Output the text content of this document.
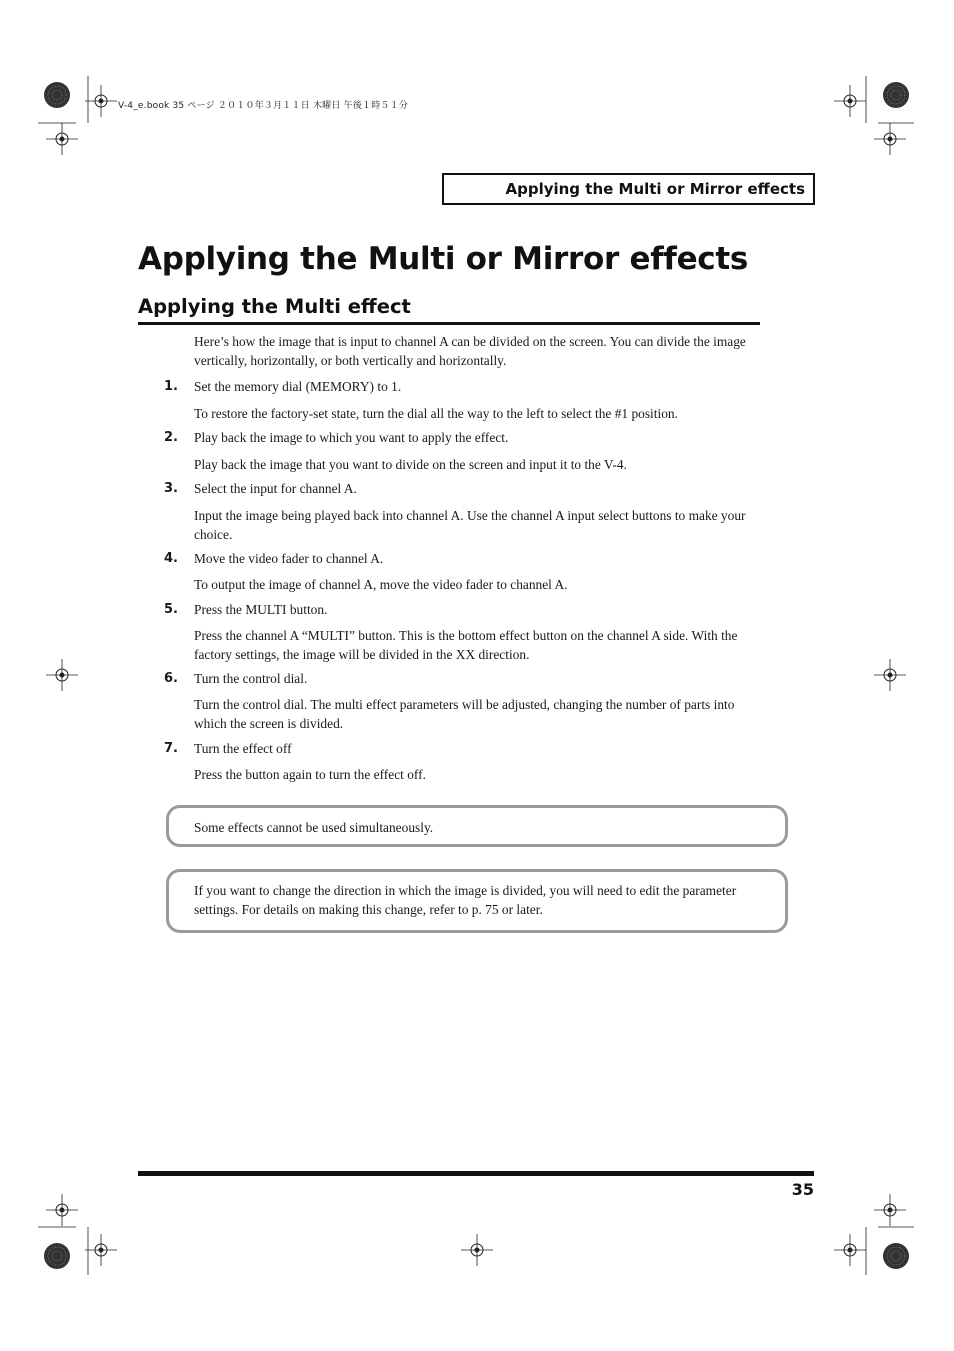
V-4_e.book 35 ページ ２０１０年３月１１日 木曜日 午後１時５１分
Applying the Multi or Mirror effects
Applying the Multi or Mirror effects
Applying the Multi effect

Here’s how the image that is input to channel A can be divided on the screen. You can divide the image vertically, horizontally, or both vertically and horizontally.

1. Set the memory dial (MEMORY) to 1.

To restore the factory-set state, turn the dial all the way to the left to select the #1 position.

2. Play back the image to which you want to apply the effect.

Play back the image that you want to divide on the screen and input it to the V-4.

3. Select the input for channel A.

Input the image being played back into channel A. Use the channel A input select buttons to make your choice.

4. Move the video fader to channel A.

To output the image of channel A, move the video fader to channel A.

5. Press the MULTI button.

Press the channel A “MULTI” button. This is the bottom effect button on the channel A side. With the factory settings, the image will be divided in the XX direction.

6. Turn the control dial.

Turn the control dial. The multi effect parameters will be adjusted, changing the number of parts into which the screen is divided.

7. Turn the effect off

Press the button again to turn the effect off.

Some effects cannot be used simultaneously.

If you want to change the direction in which the image is divided, you will need to edit the parameter settings. For details on making this change, refer to p. 75 or later.

35
